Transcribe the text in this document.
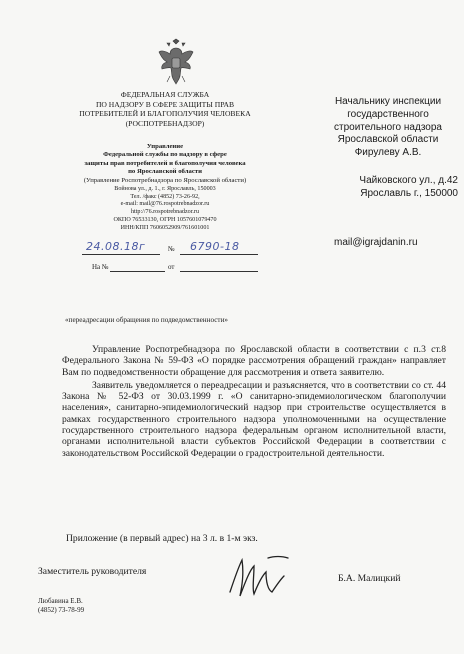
ФЕДЕРАЛЬНАЯ СЛУЖБА
ПО НАДЗОРУ В СФЕРЕ ЗАЩИТЫ ПРАВ
ПОТРЕБИТЕЛЕЙ И БЛАГОПОЛУЧИЯ ЧЕЛОВЕКА
(РОСПОТРЕБНАДЗОР)
Управление
Федеральной службы по надзору в сфере
защиты прав потребителей и благополучия человека
по Ярославской области
(Управление Роспотребнадзора по Ярославской области)
Войнова ул., д. 1., г. Ярославль, 150003
Тел. /факс (4852) 73-26-92,
e-mail: mail@76.rospotrebnadzor.ru
http://76.rospotrebnadzor.ru
ОКПО 76533130, ОГРН 1057601079470
ИНН/КПП 7606052909/761601001
24.08.18г	№ 6790-18
На №	от
Начальнику инспекции
государственного
строительного надзора
Ярославской области
Фирулеву А.В.
Чайковского ул., д.42
Ярославль г., 150000
mail@igrajdanin.ru
«переадресации обращения по подведомственности»

Управление Роспотребнадзора по Ярославской области в соответствии с п.3 ст.8 Федерального Закона № 59-ФЗ «О порядке рассмотрения обращений граждан» направляет Вам по подведомственности обращение для рассмотрения и ответа заявителю.

Заявитель уведомляется о переадресации и разъясняется, что в соответствии со ст. 44 Закона № 52-ФЗ от 30.03.1999 г. «О санитарно-эпидемиологическом благополучии населения», санитарно-эпидемиологический надзор при строительстве осуществляется в рамках государственного строительного надзора уполномоченными на осуществление государственного строительного надзора федеральным органом исполнительной власти, органами исполнительной власти субъектов Российской Федерации в соответствии с законодательством Российской Федерации о градостроительной деятельности.

Приложение (в первый адрес) на 3 л. в 1-м экз.
Заместитель руководителя
Б.А. Малицкий
Любавина Е.В.
(4852) 73-78-99
